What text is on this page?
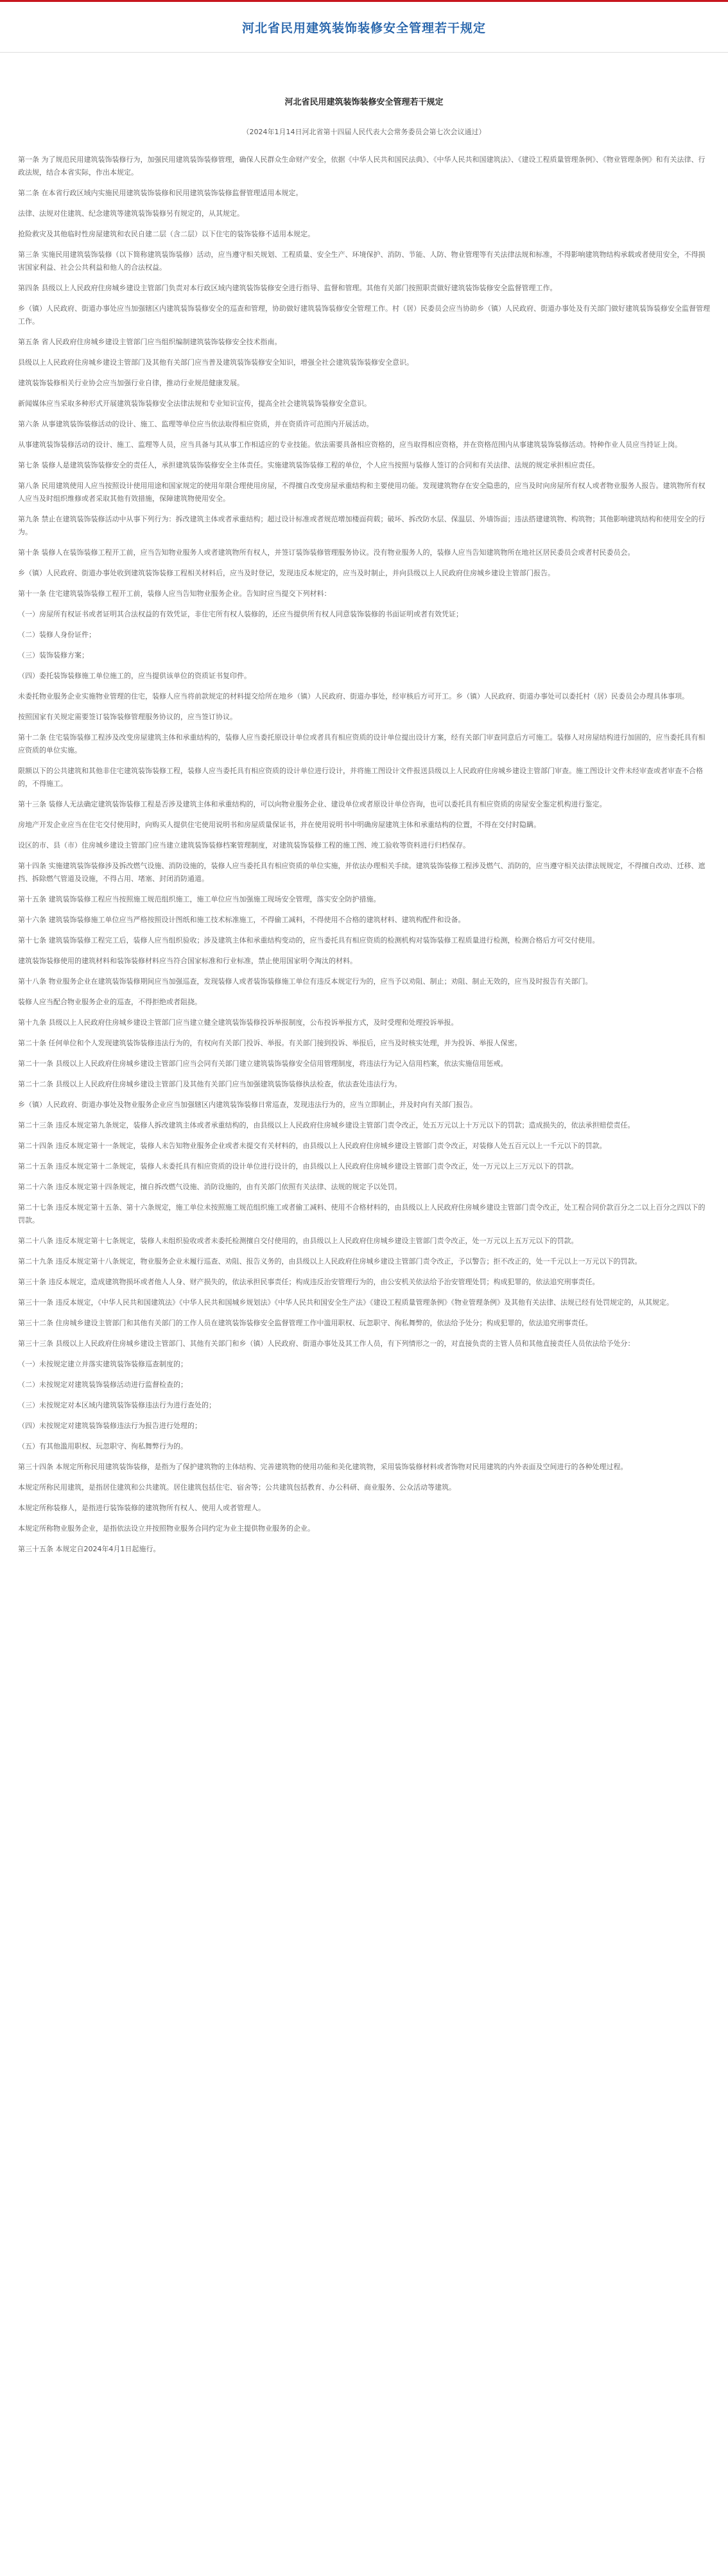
河北省民用建筑装饰装修安全管理若干规定
河北省民用建筑装饰装修安全管理若干规定
（2024年1月14日河北省第十四届人民代表大会常务委员会第七次会议通过）

第一条 为了规范民用建筑装饰装修行为，加强民用建筑装饰装修管理，确保人民群众生命财产安全，依据《中华人民共和国民法典》、《中华人民共和国建筑法》、《建设工程质量管理条例》、《物业管理条例》和有关法律、行政法规，结合本省实际，作出本规定。

第二条 在本省行政区域内实施民用建筑装饰装修和民用建筑装饰装修监督管理适用本规定。

法律、法规对住建筑、纪念建筑等建筑装饰装修另有规定的，从其规定。

抢险救灾及其他临时性房屋建筑和农民自建二层（含二层）以下住宅的装饰装修不适用本规定。

第三条 实施民用建筑装饰装修（以下简称建筑装饰装修）活动，应当遵守相关规划、工程质量、安全生产、环境保护、消防、节能、人防、物业管理等有关法律法规和标准，不得影响建筑物结构承载或者使用安全，不得损害国家利益、社会公共利益和他人的合法权益。

第四条 县级以上人民政府住房城乡建设主管部门负责对本行政区域内建筑装饰装修安全进行指导、监督和管理。其他有关部门按照职责做好建筑装饰装修安全监督管理工作。

乡（镇）人民政府、街道办事处应当加强辖区内建筑装饰装修安全的巡查和管理，协助做好建筑装饰装修安全管理工作。村（居）民委员会应当协助乡（镇）人民政府、街道办事处及有关部门做好建筑装饰装修安全监督管理工作。

第五条 省人民政府住房城乡建设主管部门应当组织编制建筑装饰装修安全技术指南。

县级以上人民政府住房城乡建设主管部门及其他有关部门应当普及建筑装饰装修安全知识，增强全社会建筑装饰装修安全意识。

建筑装饰装修相关行业协会应当加强行业自律，推动行业规范健康发展。

新闻媒体应当采取多种形式开展建筑装饰装修安全法律法规和专业知识宣传，提高全社会建筑装饰装修安全意识。

第六条 从事建筑装饰装修活动的设计、施工、监理等单位应当依法取得相应资质，并在资质许可范围内开展活动。

从事建筑装饰装修活动的设计、施工、监理等人员，应当具备与其从事工作相适应的专业技能。依法需要具备相应资格的，应当取得相应资格，并在资格范围内从事建筑装饰装修活动。特种作业人员应当持证上岗。

第七条 装修人是建筑装饰装修安全的责任人，承担建筑装饰装修安全主体责任。实施建筑装饰装修工程的单位，个人应当按照与装修人签订的合同和有关法律、法规的规定承担相应责任。

第八条 民用建筑使用人应当按照设计使用用途和国家规定的使用年限合理使用房屋，不得擅自改变房屋承重结构和主要使用功能。发现建筑物存在安全隐患的，应当及时向房屋所有权人或者物业服务人报告。建筑物所有权人应当及时组织维修或者采取其他有效措施，保障建筑物使用安全。

第九条 禁止在建筑装饰装修活动中从事下列行为：拆改建筑主体或者承重结构；超过设计标准或者规范增加楼面荷载；破坏、拆改防水层、保温层、外墙饰面；违法搭建建筑物、构筑物；其他影响建筑结构和使用安全的行为。

第十条 装修人在装饰装修工程开工前，应当告知物业服务人或者建筑物所有权人，并签订装饰装修管理服务协议。没有物业服务人的，装修人应当告知建筑物所在地社区居民委员会或者村民委员会。

乡（镇）人民政府、街道办事处收到建筑装饰装修工程相关材料后，应当及时登记，发现违反本规定的，应当及时制止，并向县级以上人民政府住房城乡建设主管部门报告。

第十一条 住宅建筑装饰装修工程开工前，装修人应当告知物业服务企业。告知时应当提交下列材料：

（一）房屋所有权证书或者证明其合法权益的有效凭证，非住宅所有权人装修的，还应当提供所有权人同意装饰装修的书面证明或者有效凭证；

（二）装修人身份证件；

（三）装饰装修方案；

（四）委托装饰装修施工单位施工的，应当提供该单位的资质证书复印件。

未委托物业服务企业实施物业管理的住宅，装修人应当将前款规定的材料提交给所在地乡（镇）人民政府、街道办事处，经审核后方可开工。乡（镇）人民政府、街道办事处可以委托村（居）民委员会办理具体事项。

按照国家有关规定需要签订装饰装修管理服务协议的，应当签订协议。

第十二条 住宅装饰装修工程涉及改变房屋建筑主体和承重结构的，装修人应当委托原设计单位或者具有相应资质的设计单位提出设计方案，经有关部门审查同意后方可施工。装修人对房屋结构进行加固的，应当委托具有相应资质的单位实施。

限额以下的公共建筑和其他非住宅建筑装饰装修工程，装修人应当委托具有相应资质的设计单位进行设计，并将施工图设计文件报送县级以上人民政府住房城乡建设主管部门审查。施工图设计文件未经审查或者审查不合格的，不得施工。

第十三条 装修人无法确定建筑装饰装修工程是否涉及建筑主体和承重结构的，可以向物业服务企业、建设单位或者原设计单位咨询，也可以委托具有相应资质的房屋安全鉴定机构进行鉴定。

房地产开发企业应当在住宅交付使用时，向购买人提供住宅使用说明书和房屋质量保证书，并在使用说明书中明确房屋建筑主体和承重结构的位置，不得在交付时隐瞒。

设区的市、县（市）住房城乡建设主管部门应当建立建筑装饰装修档案管理制度，对建筑装饰装修工程的施工图、竣工验收等资料进行归档保存。

第十四条 实施建筑装饰装修涉及拆改燃气设施、消防设施的，装修人应当委托具有相应资质的单位实施，并依法办理相关手续。建筑装饰装修工程涉及燃气、消防的，应当遵守相关法律法规规定，不得擅自改动、迁移、遮挡、拆除燃气管道及设施，不得占用、堵塞、封闭消防通道。

第十五条 建筑装饰装修工程应当按照施工规范组织施工，施工单位应当加强施工现场安全管理，落实安全防护措施。

第十六条 建筑装饰装修施工单位应当严格按照设计图纸和施工技术标准施工，不得偷工减料，不得使用不合格的建筑材料、建筑构配件和设备。

第十七条 建筑装饰装修工程完工后，装修人应当组织验收；涉及建筑主体和承重结构变动的，应当委托具有相应资质的检测机构对装饰装修工程质量进行检测，检测合格后方可交付使用。

建筑装饰装修使用的建筑材料和装饰装修材料应当符合国家标准和行业标准，禁止使用国家明令淘汰的材料。

第十八条 物业服务企业在建筑装饰装修期间应当加强巡查，发现装修人或者装饰装修施工单位有违反本规定行为的，应当予以劝阻、制止；劝阻、制止无效的，应当及时报告有关部门。

装修人应当配合物业服务企业的巡查，不得拒绝或者阻挠。

第十九条 县级以上人民政府住房城乡建设主管部门应当建立健全建筑装饰装修投诉举报制度，公布投诉举报方式，及时受理和处理投诉举报。

第二十条 任何单位和个人发现建筑装饰装修违法行为的，有权向有关部门投诉、举报。有关部门接到投诉、举报后，应当及时核实处理，并为投诉、举报人保密。

第二十一条 县级以上人民政府住房城乡建设主管部门应当会同有关部门建立建筑装饰装修安全信用管理制度，将违法行为记入信用档案，依法实施信用惩戒。

第二十二条 县级以上人民政府住房城乡建设主管部门及其他有关部门应当加强建筑装饰装修执法检查，依法查处违法行为。

乡（镇）人民政府、街道办事处及物业服务企业应当加强辖区内建筑装饰装修日常巡查，发现违法行为的，应当立即制止，并及时向有关部门报告。

第二十三条 违反本规定第九条规定，装修人拆改建筑主体或者承重结构的，由县级以上人民政府住房城乡建设主管部门责令改正，处五万元以上十万元以下的罚款；造成损失的，依法承担赔偿责任。

第二十四条 违反本规定第十一条规定，装修人未告知物业服务企业或者未提交有关材料的，由县级以上人民政府住房城乡建设主管部门责令改正，对装修人处五百元以上一千元以下的罚款。

第二十五条 违反本规定第十二条规定，装修人未委托具有相应资质的设计单位进行设计的，由县级以上人民政府住房城乡建设主管部门责令改正，处一万元以上三万元以下的罚款。

第二十六条 违反本规定第十四条规定，擅自拆改燃气设施、消防设施的，由有关部门依照有关法律、法规的规定予以处罚。

第二十七条 违反本规定第十五条、第十六条规定，施工单位未按照施工规范组织施工或者偷工减料、使用不合格材料的，由县级以上人民政府住房城乡建设主管部门责令改正，处工程合同价款百分之二以上百分之四以下的罚款。

第二十八条 违反本规定第十七条规定，装修人未组织验收或者未委托检测擅自交付使用的，由县级以上人民政府住房城乡建设主管部门责令改正，处一万元以上五万元以下的罚款。

第二十九条 违反本规定第十八条规定，物业服务企业未履行巡查、劝阻、报告义务的，由县级以上人民政府住房城乡建设主管部门责令改正，予以警告；拒不改正的，处一千元以上一万元以下的罚款。

第三十条 违反本规定，造成建筑物损坏或者他人人身、财产损失的，依法承担民事责任；构成违反治安管理行为的，由公安机关依法给予治安管理处罚；构成犯罪的，依法追究刑事责任。

第三十一条 违反本规定，《中华人民共和国建筑法》《中华人民共和国城乡规划法》《中华人民共和国安全生产法》《建设工程质量管理条例》《物业管理条例》及其他有关法律、法规已经有处罚规定的，从其规定。

第三十二条 住房城乡建设主管部门和其他有关部门的工作人员在建筑装饰装修安全监督管理工作中滥用职权、玩忽职守、徇私舞弊的，依法给予处分；构成犯罪的，依法追究刑事责任。

第三十三条 县级以上人民政府住房城乡建设主管部门、其他有关部门和乡（镇）人民政府、街道办事处及其工作人员，有下列情形之一的，对直接负责的主管人员和其他直接责任人员依法给予处分：

（一）未按规定建立并落实建筑装饰装修巡查制度的；

（二）未按规定对建筑装饰装修活动进行监督检查的；

（三）未按规定对本区域内建筑装饰装修违法行为进行查处的；

（四）未按规定对建筑装饰装修违法行为报告进行处理的；

（五）有其他滥用职权、玩忽职守、徇私舞弊行为的。

第三十四条 本规定所称民用建筑装饰装修，是指为了保护建筑物的主体结构、完善建筑物的使用功能和美化建筑物，采用装饰装修材料或者饰物对民用建筑的内外表面及空间进行的各种处理过程。

本规定所称民用建筑，是指居住建筑和公共建筑。居住建筑包括住宅、宿舍等；公共建筑包括教育、办公科研、商业服务、公众活动等建筑。

本规定所称装修人，是指进行装饰装修的建筑物所有权人、使用人或者管理人。

本规定所称物业服务企业，是指依法设立并按照物业服务合同约定为业主提供物业服务的企业。

第三十五条 本规定自2024年4月1日起施行。
